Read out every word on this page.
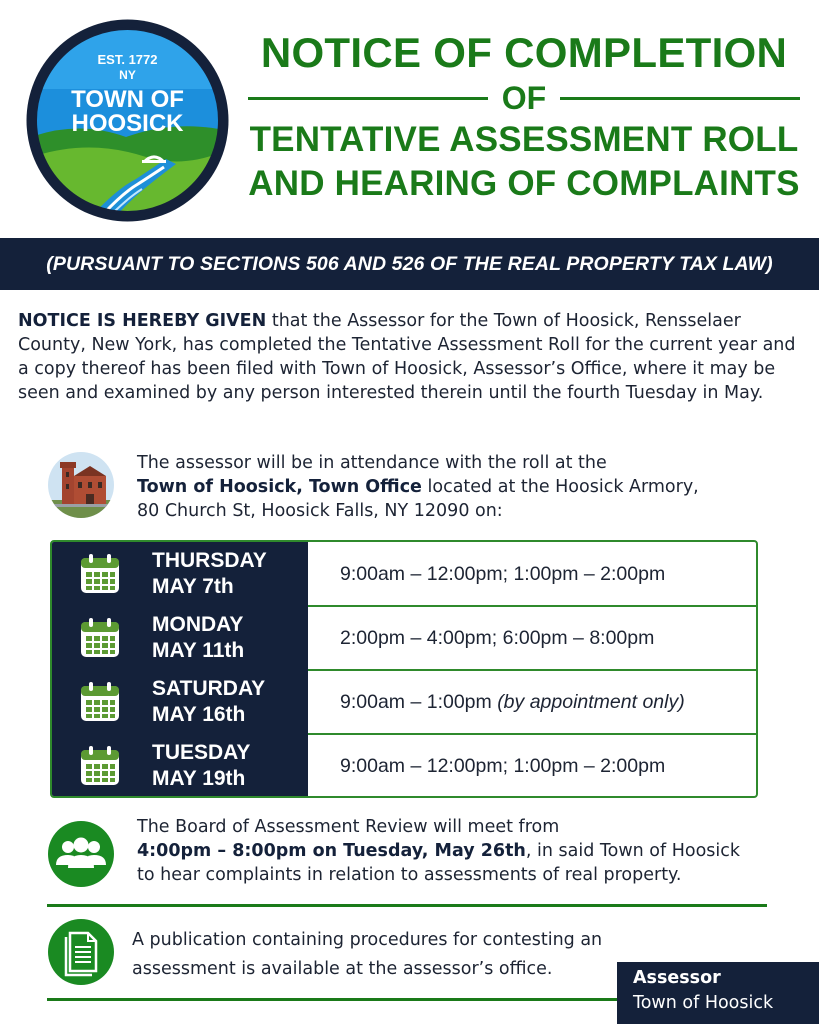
EST. 1772
NY
TOWN OF
HOOSICK
NOTICE OF COMPLETION
OF
TENTATIVE ASSESSMENT ROLL
AND HEARING OF COMPLAINTS
(PURSUANT TO SECTIONS 506 AND 526 OF THE REAL PROPERTY TAX LAW)

NOTICE IS HEREBY GIVEN that the Assessor for the Town of Hoosick, Rensselaer County, New York, has completed the Tentative Assessment Roll for the current year and a copy thereof has been filed with Town of Hoosick, Assessor’s Office, where it may be seen and examined by any person interested therein until the fourth Tuesday in May.

The assessor will be in attendance with the roll at the
Town of Hoosick, Town Office located at the Hoosick Armory,
80 Church St, Hoosick Falls, NY 12090 on:
THURSDAY
MAY 7th
9:00am – 12:00pm; 1:00pm – 2:00pm
MONDAY
MAY 11th
2:00pm – 4:00pm; 6:00pm – 8:00pm
SATURDAY
MAY 16th
9:00am – 1:00pm (by appointment only)
TUESDAY
MAY 19th
9:00am – 12:00pm; 1:00pm – 2:00pm
The Board of Assessment Review will meet from
4:00pm – 8:00pm on Tuesday, May 26th, in said Town of Hoosick
to hear complaints in relation to assessments of real property.
A publication containing procedures for contesting an
assessment is available at the assessor’s office.	Assessor
Town of Hoosick
